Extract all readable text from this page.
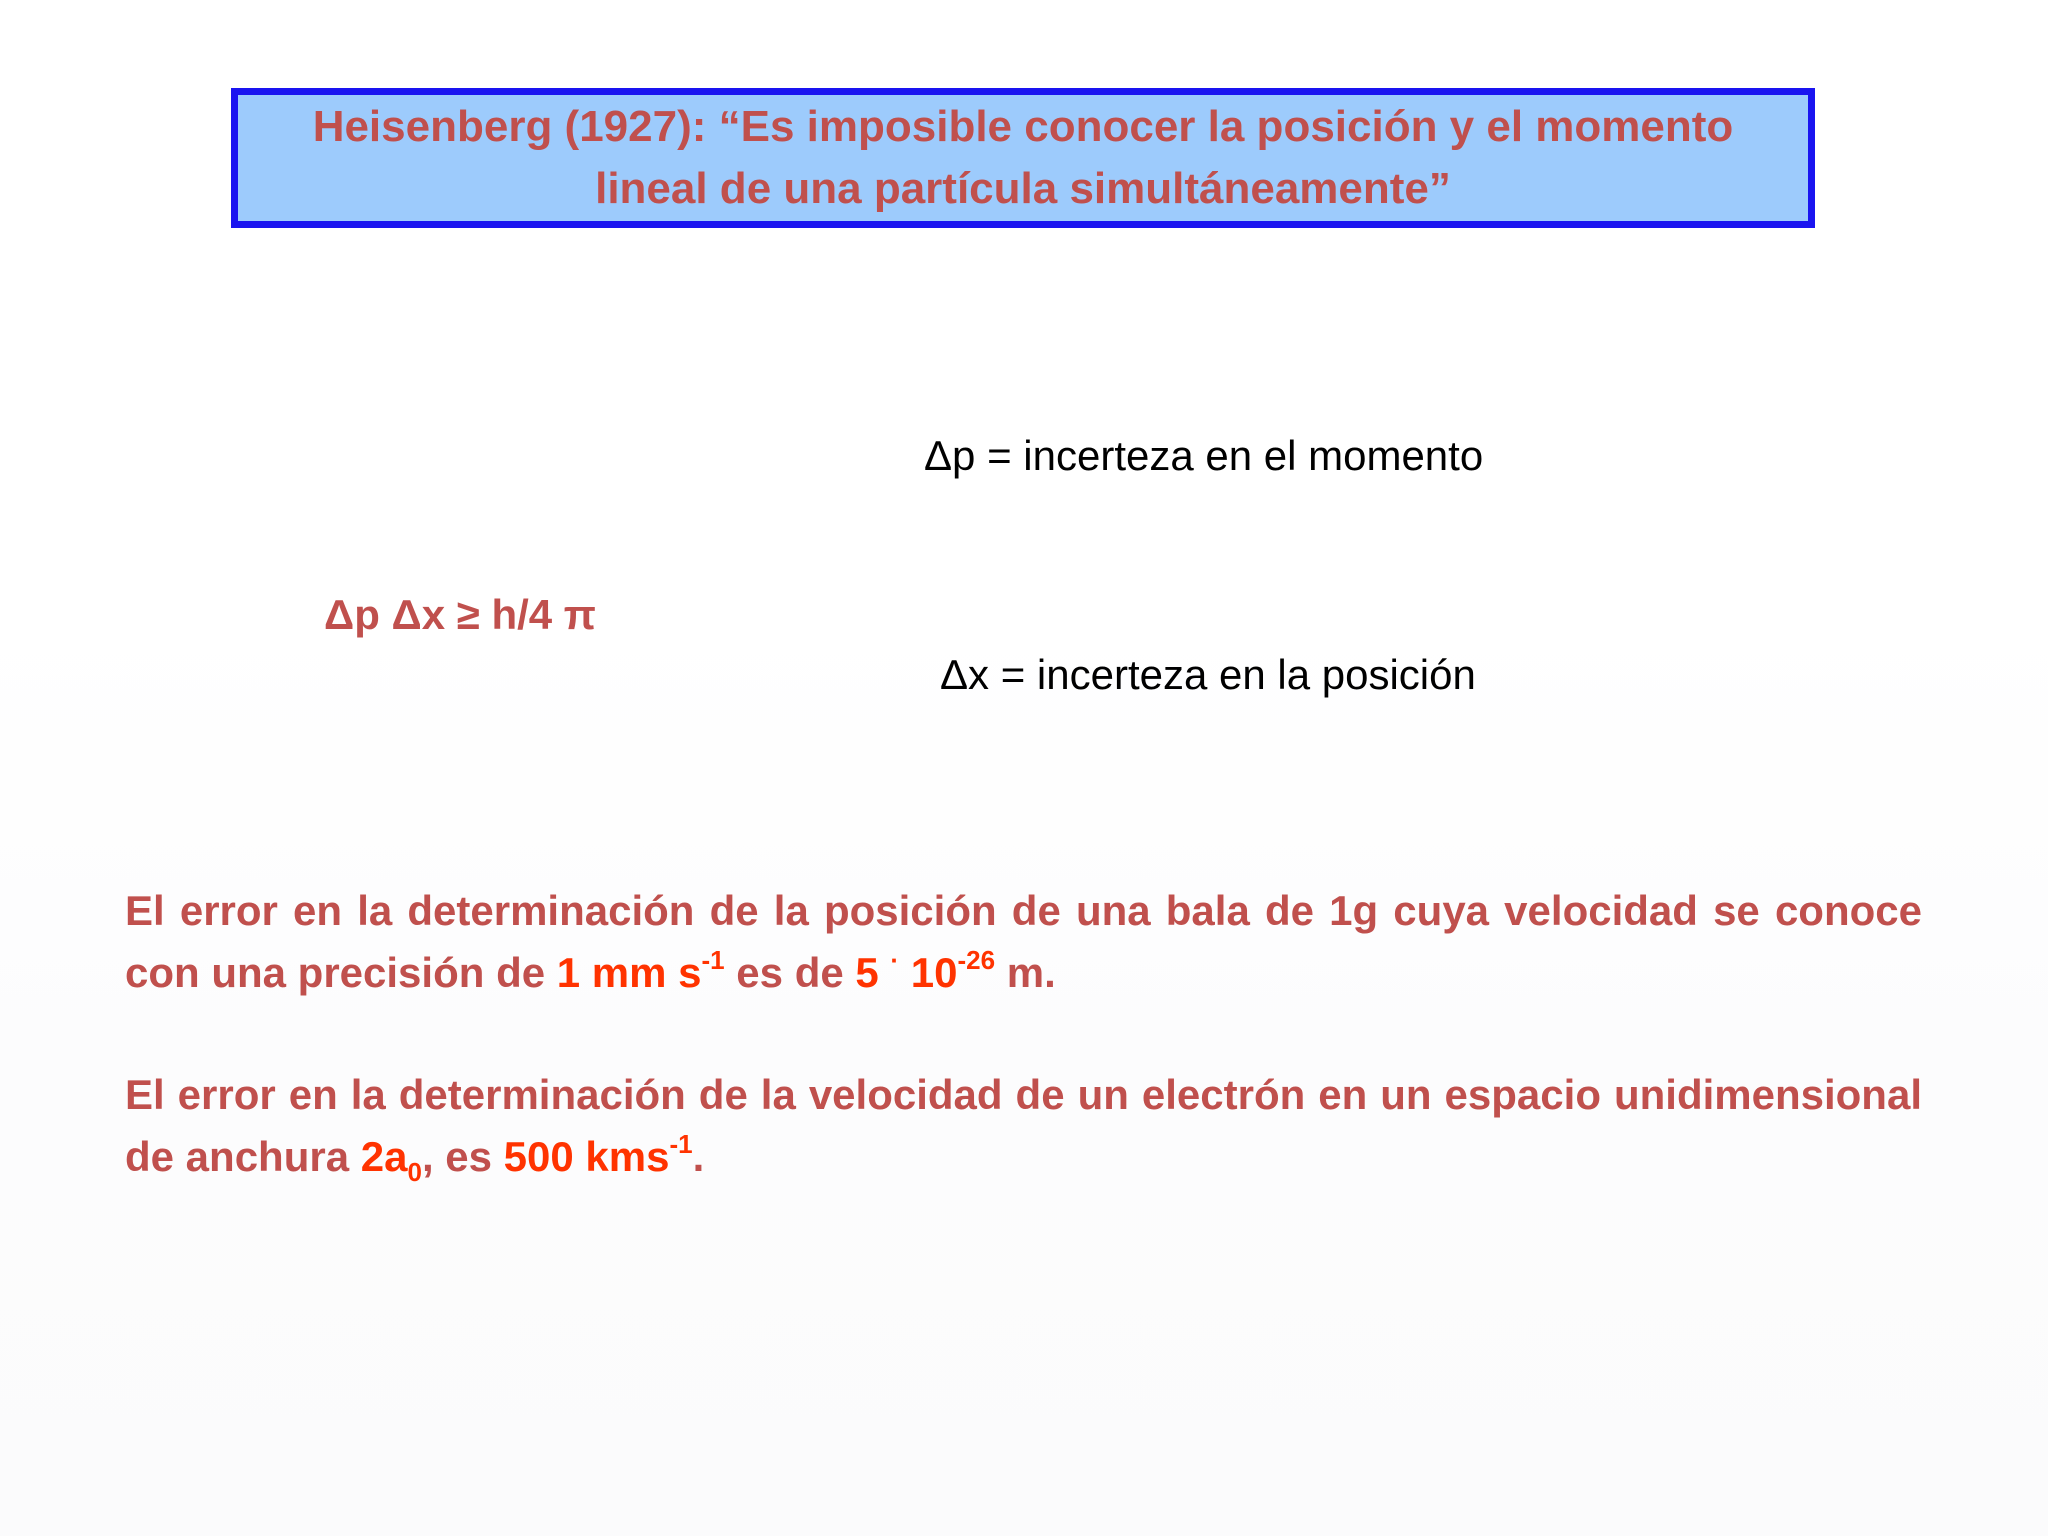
Heisenberg (1927): “Es imposible conocer la posición y el momento
lineal de una partícula simultáneamente”
Δp = incerteza en el momento
Δp Δx ≥ h/4 π
Δx = incerteza en la posición
El error en la determinación de la posición de una bala de 1g cuya velocidad se conoce con una precisión de 1 mm $s^{-1}$ es de 5 · $10^{-26}$ m.
El error en la determinación de la velocidad de un electrón en un espacio unidimensional de anchura $2a_0$, es 500 kms$^{-1}$.
